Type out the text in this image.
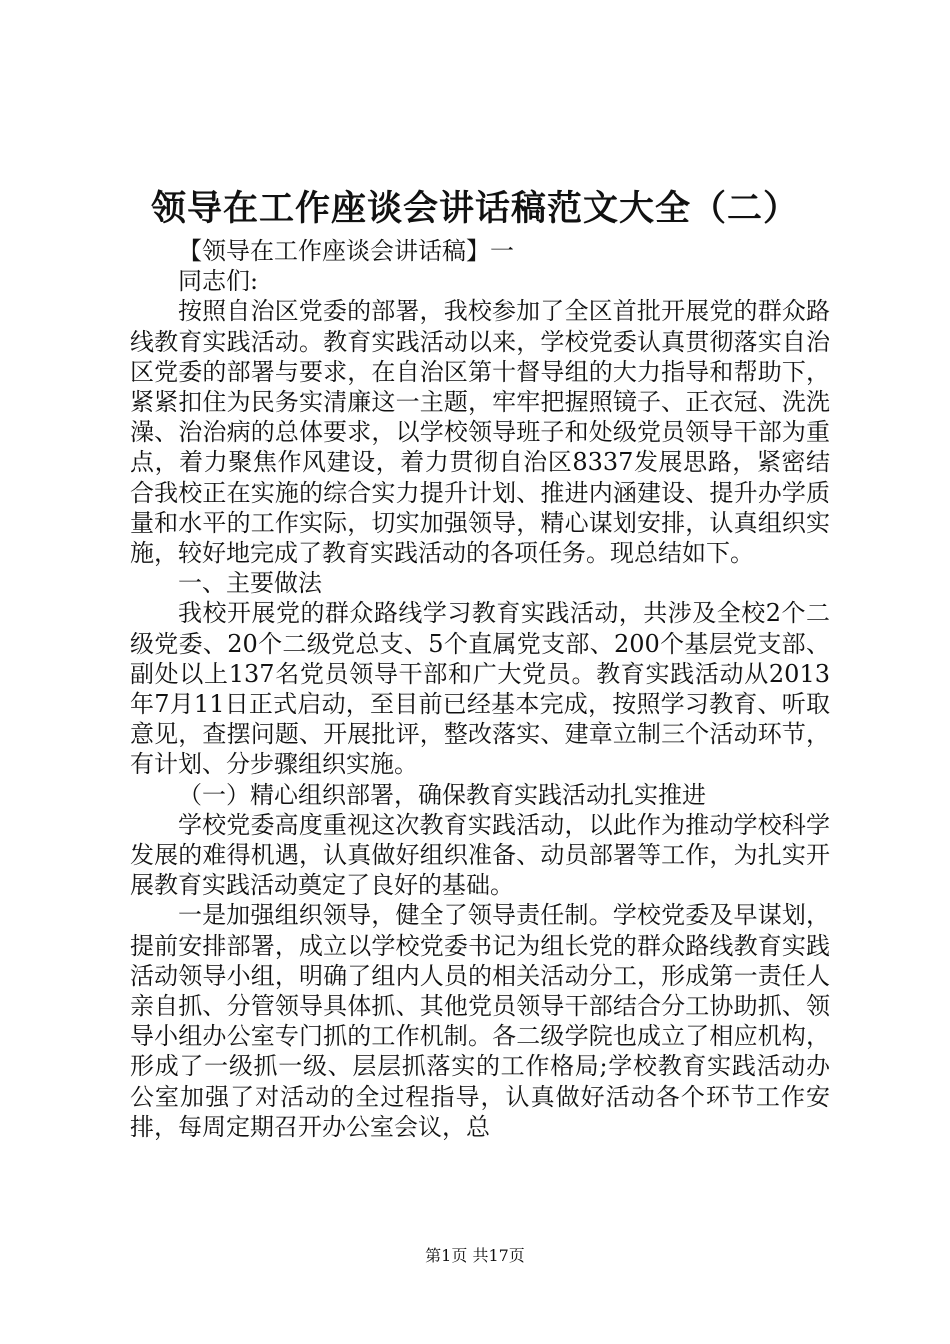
领导在工作座谈会讲话稿范文大全（二）

【领导在工作座谈会讲话稿】一

同志们:

按照自治区党委的部署，我校参加了全区首批开展党的群众路线教育实践活动。教育实践活动以来，学校党委认真贯彻落实自治区党委的部署与要求，在自治区第十督导组的大力指导和帮助下，紧紧扣住为民务实清廉这一主题，牢牢把握照镜子、正衣冠、洗洗澡、治治病的总体要求，以学校领导班子和处级党员领导干部为重点，着力聚焦作风建设，着力贯彻自治区8337发展思路，紧密结合我校正在实施的综合实力提升计划、推进内涵建设、提升办学质量和水平的工作实际，切实加强领导，精心谋划安排，认真组织实施，较好地完成了教育实践活动的各项任务。现总结如下。

一、主要做法

我校开展党的群众路线学习教育实践活动，共涉及全校2个二级党委、20个二级党总支、5个直属党支部、200个基层党支部、副处以上137名党员领导干部和广大党员。教育实践活动从2013年7月11日正式启动，至目前已经基本完成，按照学习教育、听取意见，查摆问题、开展批评，整改落实、建章立制三个活动环节，有计划、分步骤组织实施。

（一）精心组织部署，确保教育实践活动扎实推进

学校党委高度重视这次教育实践活动，以此作为推动学校科学发展的难得机遇，认真做好组织准备、动员部署等工作，为扎实开展教育实践活动奠定了良好的基础。

一是加强组织领导，健全了领导责任制。学校党委及早谋划，提前安排部署，成立以学校党委书记为组长党的群众路线教育实践活动领导小组，明确了组内人员的相关活动分工，形成第一责任人亲自抓、分管领导具体抓、其他党员领导干部结合分工协助抓、领导小组办公室专门抓的工作机制。各二级学院也成立了相应机构，形成了一级抓一级、层层抓落实的工作格局;学校教育实践活动办公室加强了对活动的全过程指导，认真做好活动各个环节工作安排，每周定期召开办公室会议，总

第1页 共17页
